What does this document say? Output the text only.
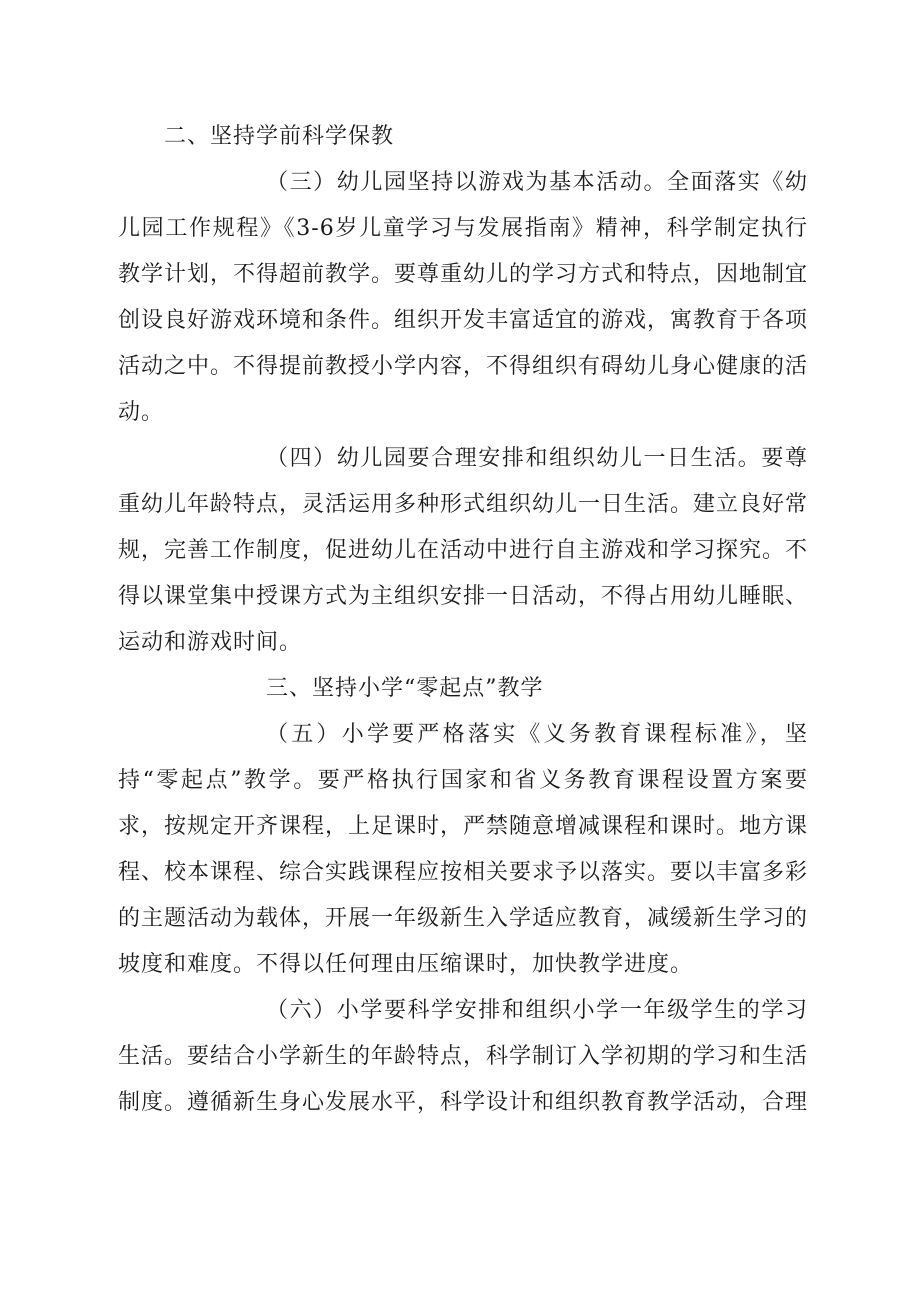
二、坚持学前科学保教

（三）幼儿园坚持以游戏为基本活动。全面落实《幼儿园工作规程》《3-6岁儿童学习与发展指南》精神，科学制定执行教学计划，不得超前教学。要尊重幼儿的学习方式和特点，因地制宜创设良好游戏环境和条件。组织开发丰富适宜的游戏，寓教育于各项活动之中。不得提前教授小学内容，不得组织有碍幼儿身心健康的活动。

（四）幼儿园要合理安排和组织幼儿一日生活。要尊重幼儿年龄特点，灵活运用多种形式组织幼儿一日生活。建立良好常规，完善工作制度，促进幼儿在活动中进行自主游戏和学习探究。不得以课堂集中授课方式为主组织安排一日活动，不得占用幼儿睡眠、运动和游戏时间。

三、坚持小学“零起点”教学

（五）小学要严格落实《义务教育课程标准》，坚持“零起点”教学。要严格执行国家和省义务教育课程设置方案要求，按规定开齐课程，上足课时，严禁随意增减课程和课时。地方课程、校本课程、综合实践课程应按相关要求予以落实。要以丰富多彩的主题活动为载体，开展一年级新生入学适应教育，减缓新生学习的坡度和难度。不得以任何理由压缩课时，加快教学进度。

（六）小学要科学安排和组织小学一年级学生的学习生活。要结合小学新生的年龄特点，科学制订入学初期的学习和生活制度。遵循新生身心发展水平，科学设计和组织教育教学活动，合理
